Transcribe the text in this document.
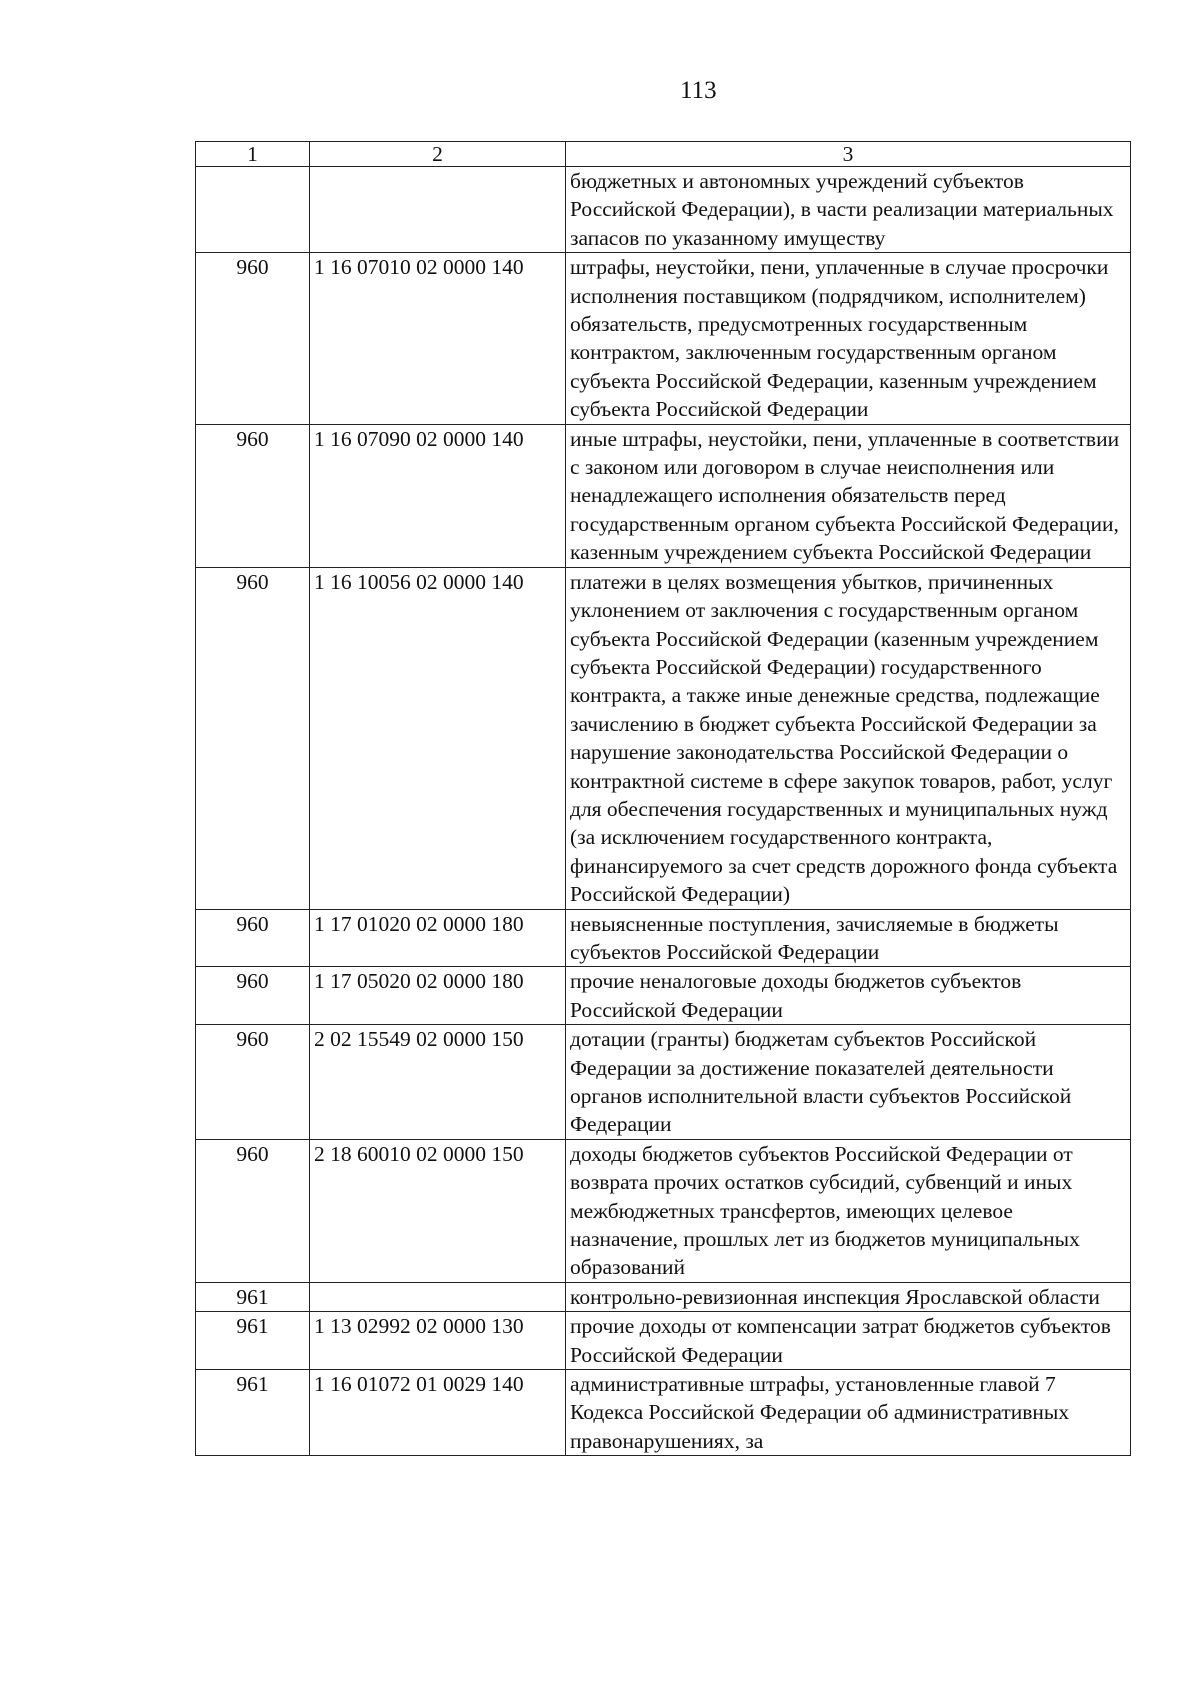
113
1	2	3
		бюджетных и автономных учреждений субъектов Российской Федерации), в части реализации материальных запасов по указанному имуществу
960	1 16 07010 02 0000 140	штрафы, неустойки, пени, уплаченные в случае просрочки исполнения поставщиком (подрядчиком, исполнителем) обязательств, предусмотренных государственным контрактом, заключенным государственным органом субъекта Российской Федерации, казенным учреждением субъекта Российской Федерации
960	1 16 07090 02 0000 140	иные штрафы, неустойки, пени, уплаченные в соответствии с законом или договором в случае неисполнения или ненадлежащего исполнения обязательств перед государственным органом субъекта Российской Федерации, казенным учреждением субъекта Российской Федерации
960	1 16 10056 02 0000 140	платежи в целях возмещения убытков, причиненных уклонением от заключения с государственным органом субъекта Российской Федерации (казенным учреждением субъекта Российской Федерации) государственного контракта, а также иные денежные средства, подлежащие зачислению в бюджет субъекта Российской Федерации за нарушение законодательства Российской Федерации о контрактной системе в сфере закупок товаров, работ, услуг для обеспечения государственных и муниципальных нужд (за исключением государственного контракта, финансируемого за счет средств дорожного фонда субъекта Российской Федерации)
960	1 17 01020 02 0000 180	невыясненные поступления, зачисляемые в бюджеты субъектов Российской Федерации
960	1 17 05020 02 0000 180	прочие неналоговые доходы бюджетов субъектов Российской Федерации
960	2 02 15549 02 0000 150	дотации (гранты) бюджетам субъектов Российской Федерации за достижение показателей деятельности органов исполнительной власти субъектов Российской Федерации
960	2 18 60010 02 0000 150	доходы бюджетов субъектов Российской Федерации от возврата прочих остатков субсидий, субвенций и иных межбюджетных трансфертов, имеющих целевое назначение, прошлых лет из бюджетов муниципальных образований
961		контрольно-ревизионная инспекция Ярославской области
961	1 13 02992 02 0000 130	прочие доходы от компенсации затрат бюджетов субъектов Российской Федерации
961	1 16 01072 01 0029 140	административные штрафы, установленные главой 7 Кодекса Российской Федерации об административных правонарушениях, за
